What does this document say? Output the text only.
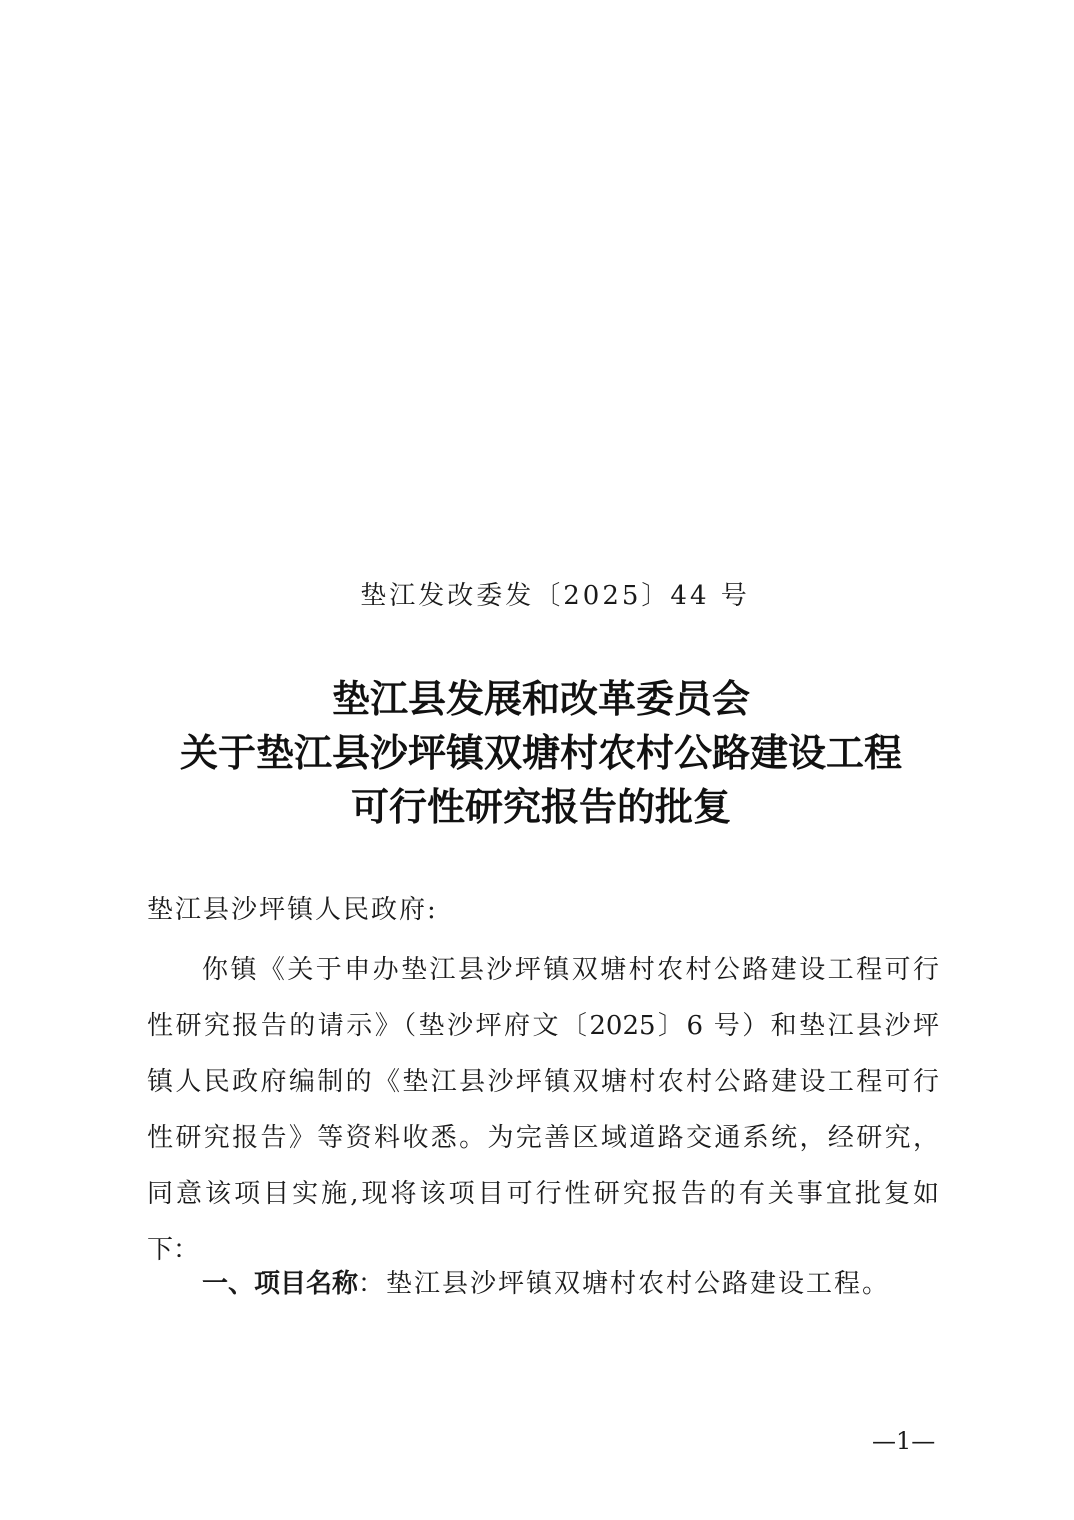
垫江发改委发〔2025〕44 号
垫江县发展和改革委员会
关于垫江县沙坪镇双塘村农村公路建设工程
可行性研究报告的批复
垫江县沙坪镇人民政府:
你镇《关于申办垫江县沙坪镇双塘村农村公路建设工程可行
性研究报告的请示》（垫沙坪府文〔2025〕6 号）和垫江县沙坪
镇人民政府编制的《垫江县沙坪镇双塘村农村公路建设工程可行
性研究报告》等资料收悉。为完善区域道路交通系统，经研究，
同意该项目实施,现将该项目可行性研究报告的有关事宜批复如
下：
一、项目名称：垫江县沙坪镇双塘村农村公路建设工程。
—1—
